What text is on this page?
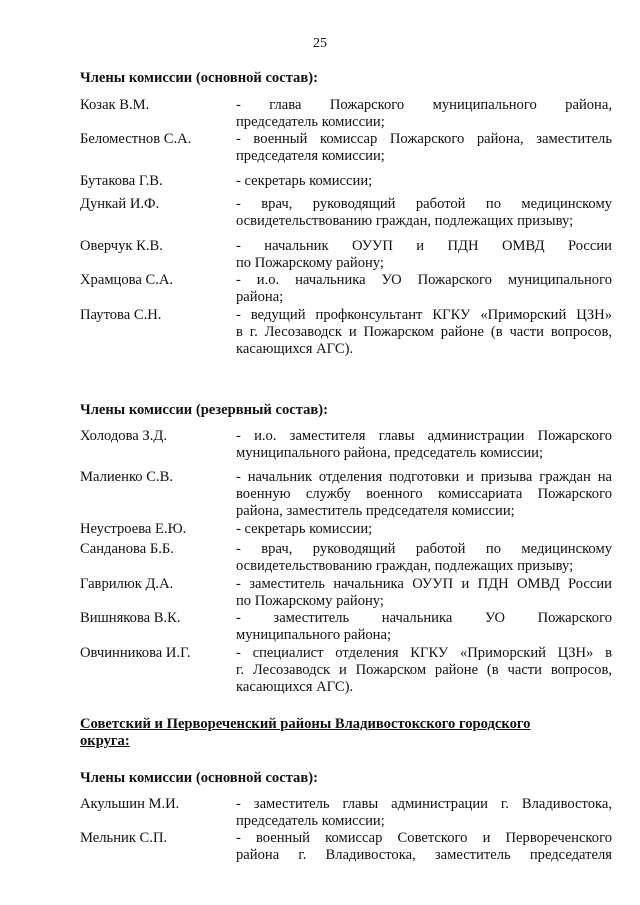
25
Члены комиссии (основной состав):
Козак В.М.	- глава Пожарского муниципального района,
председатель комиссии;
Беломестнов С.А.	- военный комиссар Пожарского района, заместитель
председателя комиссии;
Бутакова Г.В.	- секретарь комиссии;
Дункай И.Ф.	- врач, руководящий работой по медицинскому
освидетельствованию граждан, подлежащих призыву;
Оверчук К.В.	- начальник ОУУП и ПДН ОМВД России
по Пожарскому району;
Храмцова С.А.	- и.о. начальника УО Пожарского муниципального
района;
Паутова С.Н.	- ведущий профконсультант КГКУ «Приморский ЦЗН»
в г. Лесозаводск и Пожарском районе (в части вопросов,
касающихся АГС).
Члены комиссии (резервный состав):
Холодова З.Д.	- и.о. заместителя главы администрации Пожарского
муниципального района, председатель комиссии;
Малиенко С.В.	- начальник отделения подготовки и призыва граждан на
военную службу военного комиссариата Пожарского
района, заместитель председателя комиссии;
Неустроева Е.Ю.	- секретарь комиссии;
Санданова Б.Б.	- врач, руководящий работой по медицинскому
освидетельствованию граждан, подлежащих призыву;
Гаврилюк Д.А.	- заместитель начальника ОУУП и ПДН ОМВД России
по Пожарскому району;
Вишнякова В.К.	- заместитель начальника УО Пожарского
муниципального района;
Овчинникова И.Г.	- специалист отделения КГКУ «Приморский ЦЗН» в
г. Лесозаводск и Пожарском районе (в части вопросов,
касающихся АГС).
Советский и Первореченский районы Владивостокского городского округа:
Члены комиссии (основной состав):
Акульшин М.И.	- заместитель главы администрации г. Владивостока,
председатель комиссии;
Мельник С.П.	- военный комиссар Советского и Первореченского
района г. Владивостока, заместитель председателя
